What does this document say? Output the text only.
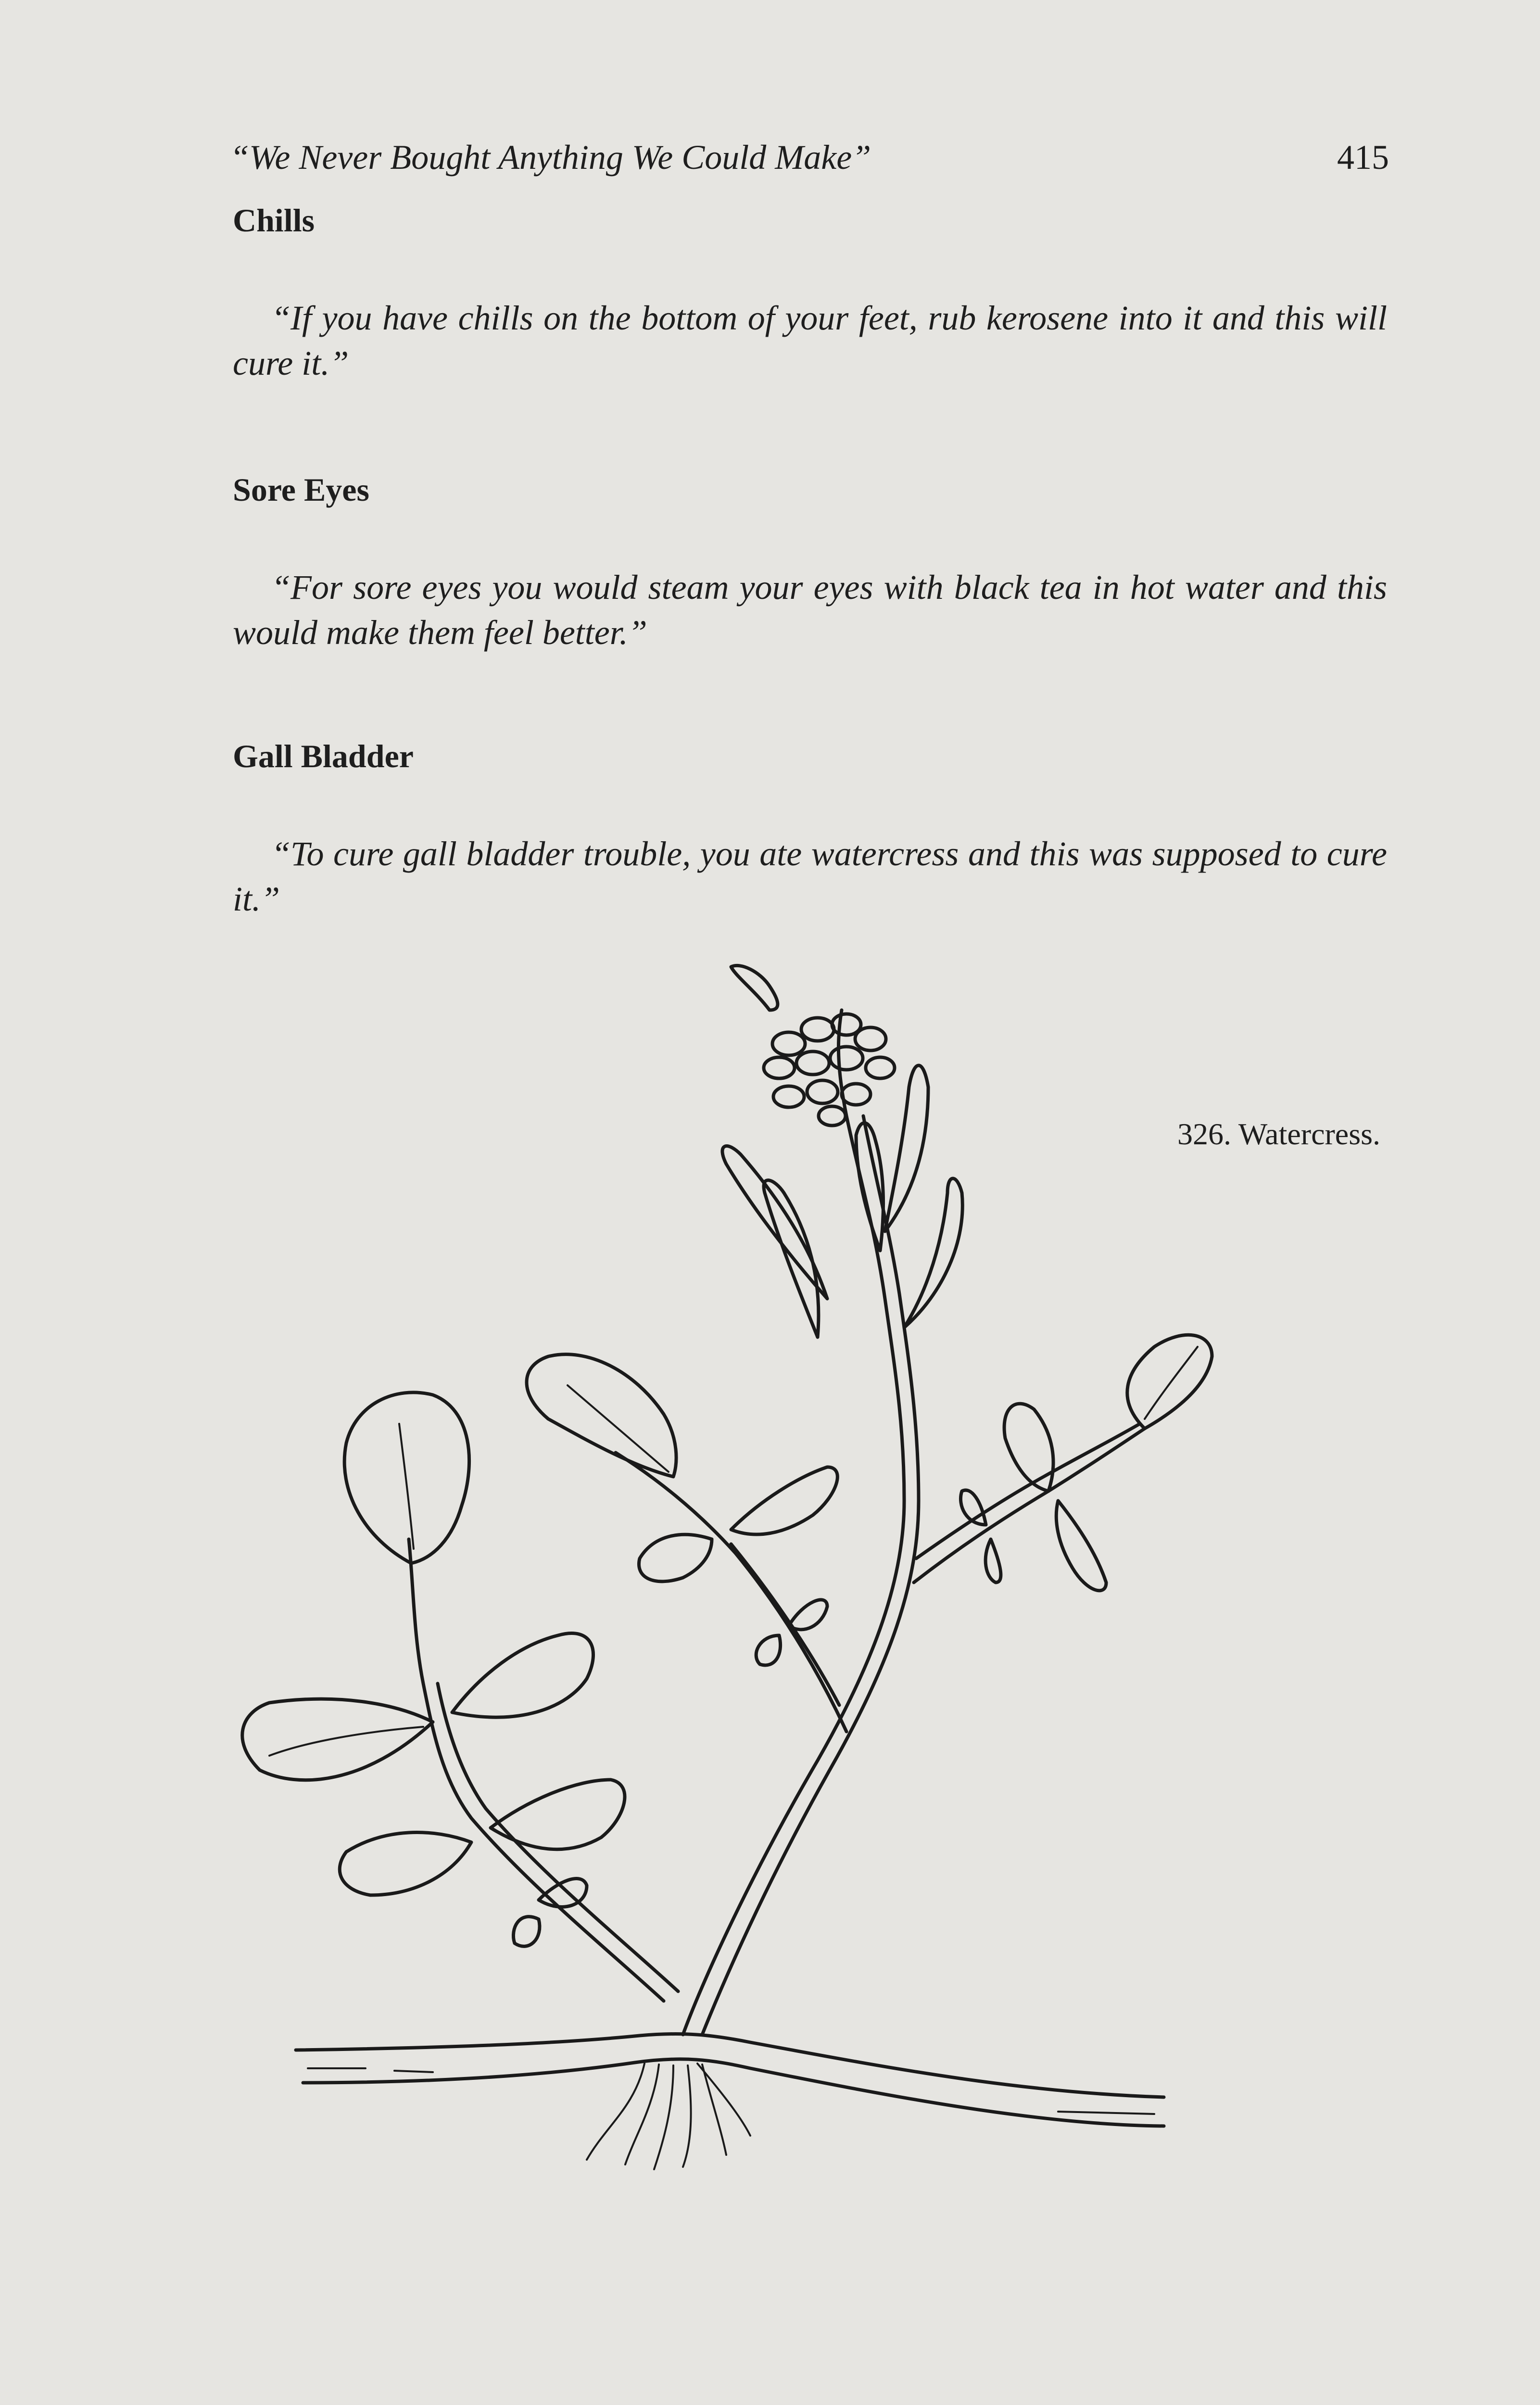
“We Never Bought Anything We Could Make”	415
Chills

“If you have chills on the bottom of your feet, rub kerosene into it and this will cure it.”

Sore Eyes

“For sore eyes you would steam your eyes with black tea in hot water and this would make them feel better.”

Gall Bladder

“To cure gall bladder trouble, you ate watercress and this was supposed to cure it.”

326. Watercress.
